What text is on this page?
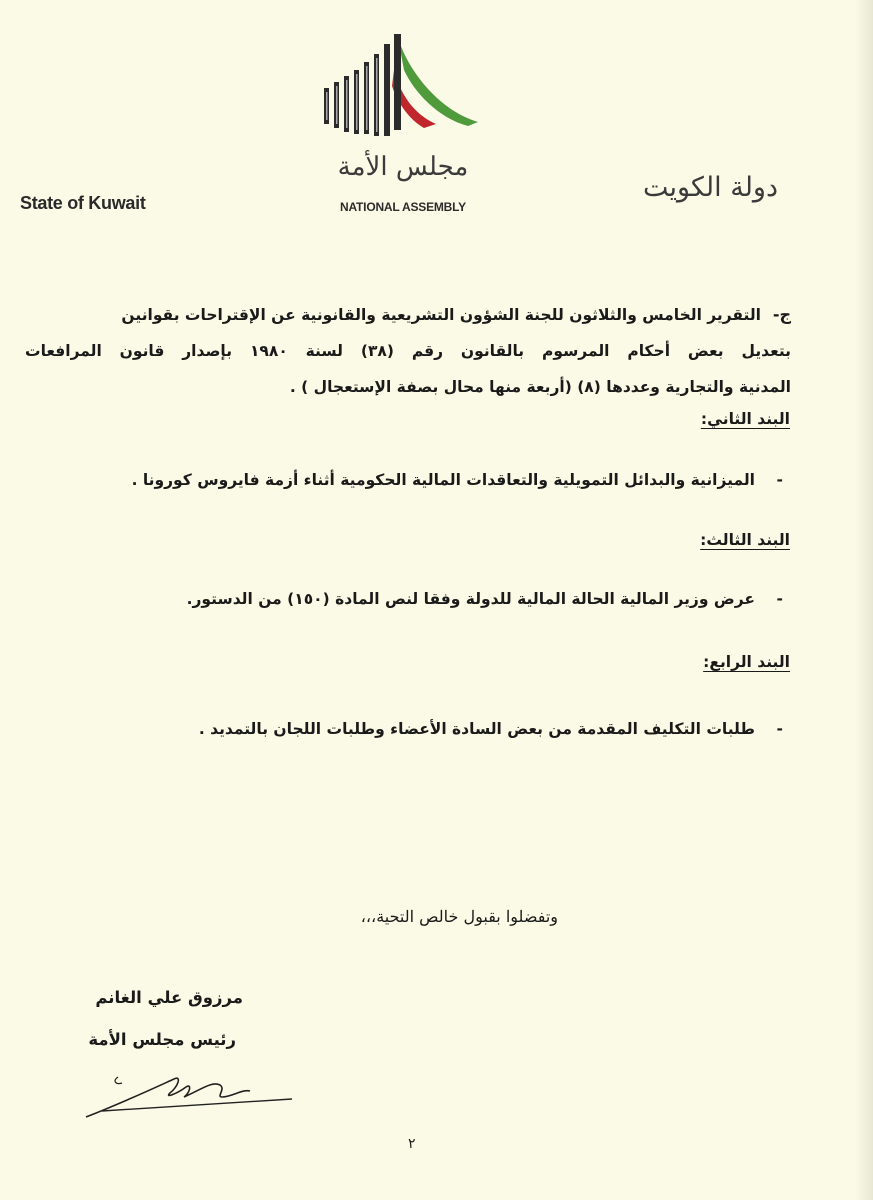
State of Kuwait	دولة الكويت
مجلس الأمة
NATIONAL ASSEMBLY
ج-
التقرير الخامس والثلاثون للجنة الشؤون التشريعية والقانونية عن الإقتراحات بقوانين
بتعديل بعض أحكام المرسوم بالقانون رقم (٣٨) لسنة ١٩٨٠ بإصدار قانون المرافعات
المدنية والتجارية وعددها (٨) (أربعة منها محال بصفة الإستعجال ) .
البند الثاني:
-    الميزانية والبدائل التمويلية والتعاقدات المالية الحكومية أثناء أزمة فايروس كورونا .
البند الثالث:
-    عرض وزير المالية الحالة المالية للدولة وفقا لنص المادة (١٥٠) من الدستور.
البند الرابع:
-    طلبات التكليف المقدمة من بعض السادة الأعضاء وطلبات اللجان بالتمديد .
وتفضلوا بقبول خالص التحية،،،
مرزوق علي الغانم
رئيس مجلس الأمة
٢
